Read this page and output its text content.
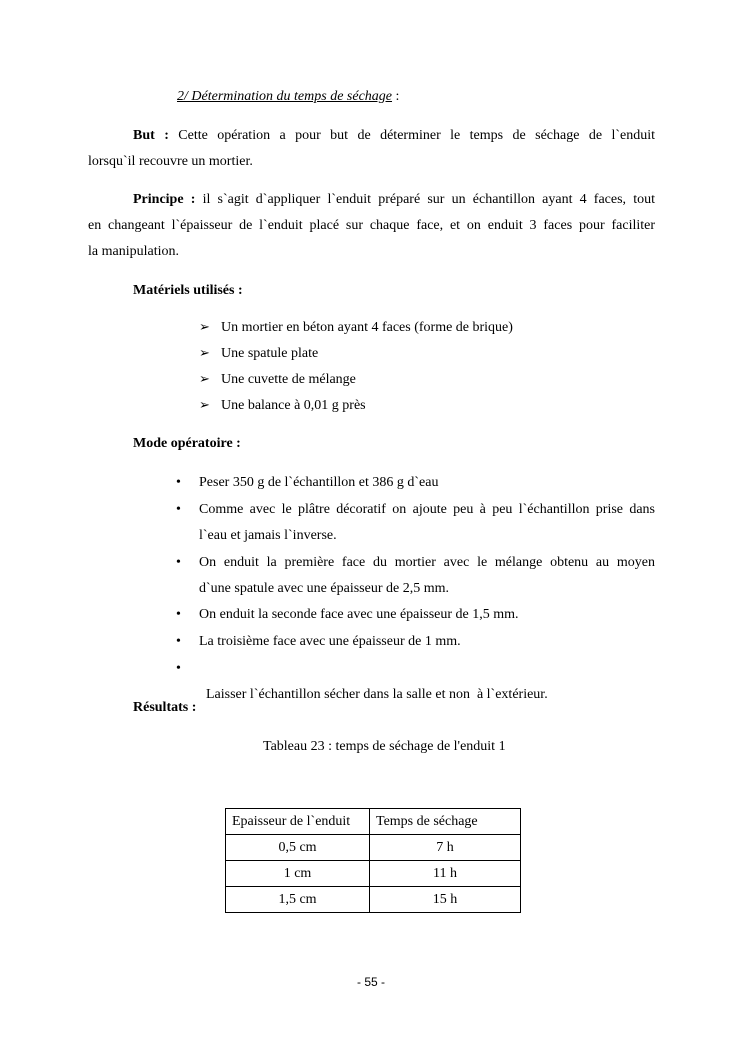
2/ Détermination du temps de séchage :
But : Cette opération a pour but de déterminer le temps de séchage de l`enduit
lorsqu`il recouvre un mortier.
Principe : il s`agit d`appliquer l`enduit préparé sur un échantillon ayant 4 faces, tout
en changeant l`épaisseur de l`enduit placé sur chaque face, et on enduit 3 faces pour faciliter
la manipulation.
Matériels utilisés :
➢ Un mortier en béton ayant 4 faces (forme de brique)
➢ Une spatule plate
➢ Une cuvette de mélange
➢ Une balance à 0,01 g près
Mode opératoire :
• Peser 350 g de l`échantillon et 386 g d`eau
• Comme avec le plâtre décoratif on ajoute peu à peu l`échantillon prise dans
l`eau et jamais l`inverse.
• On enduit la première face du mortier avec le mélange obtenu au moyen
d`une spatule avec une épaisseur de 2,5 mm.
• On enduit la seconde face avec une épaisseur de 1,5 mm.
• La troisième face avec une épaisseur de 1 mm.
•

Laisser l`échantillon sécher dans la salle et non  à l`extérieur.

Résultats :
Tableau 23 : temps de séchage de l'enduit 1
Epaisseur de l`enduit	Temps de séchage
0,5 cm	7 h
1 cm	11 h
1,5 cm	15 h
- 55 -
